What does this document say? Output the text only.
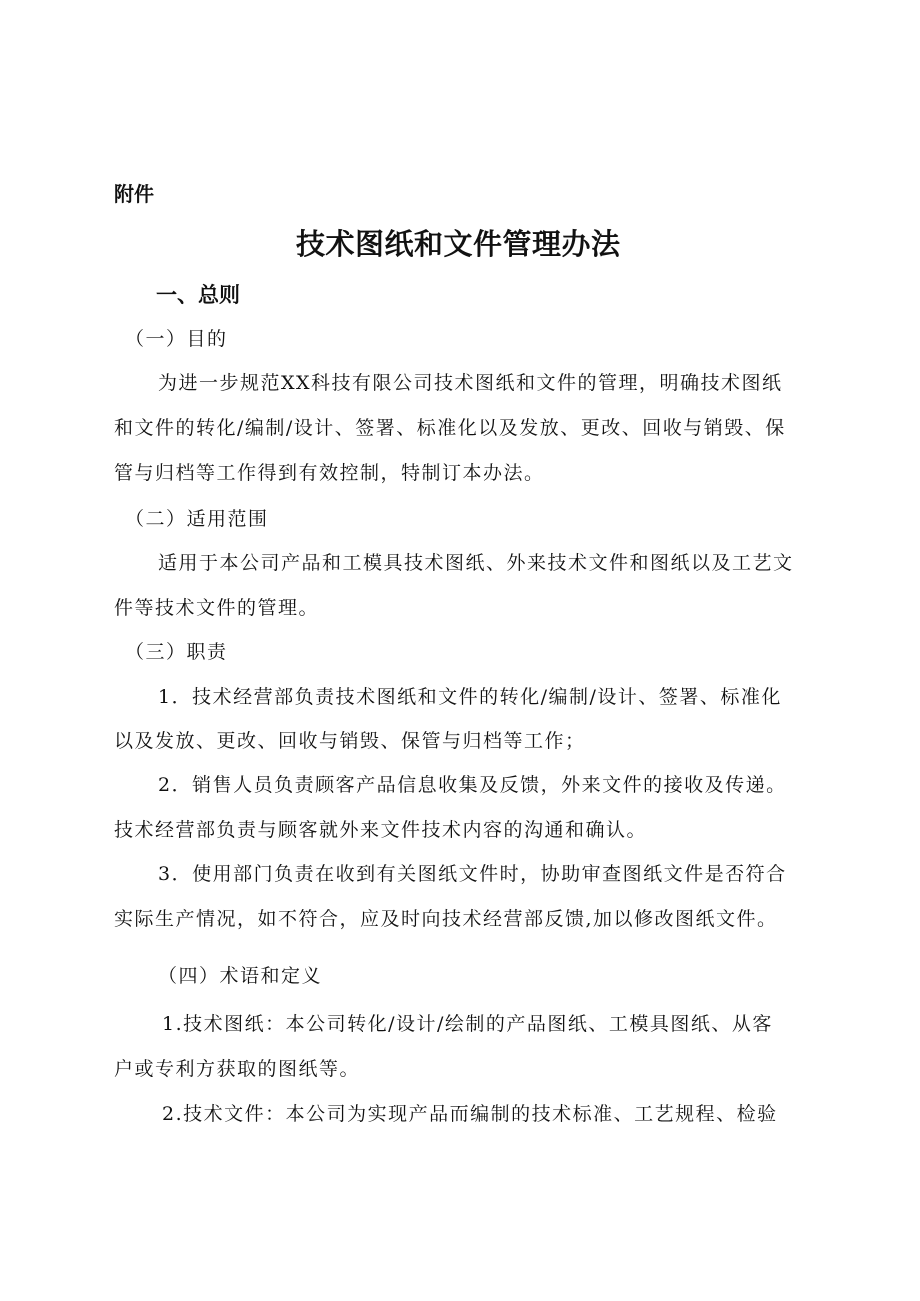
附件
技术图纸和文件管理办法
一、总则
（一）目的
为进一步规范XX科技有限公司技术图纸和文件的管理，明确技术图纸
和文件的转化/编制/设计、签署、标准化以及发放、更改、回收与销毁、保
管与归档等工作得到有效控制，特制订本办法。
（二）适用范围
适用于本公司产品和工模具技术图纸、外来技术文件和图纸以及工艺文
件等技术文件的管理。
（三）职责
1．技术经营部负责技术图纸和文件的转化/编制/设计、签署、标准化
以及发放、更改、回收与销毁、保管与归档等工作；
2．销售人员负责顾客产品信息收集及反馈，外来文件的接收及传递。
技术经营部负责与顾客就外来文件技术内容的沟通和确认。
3．使用部门负责在收到有关图纸文件时，协助审查图纸文件是否符合
实际生产情况，如不符合，应及时向技术经营部反馈,加以修改图纸文件。
（四）术语和定义
1.技术图纸：本公司转化/设计/绘制的产品图纸、工模具图纸、从客
户或专利方获取的图纸等。
2.技术文件：本公司为实现产品而编制的技术标准、工艺规程、检验
